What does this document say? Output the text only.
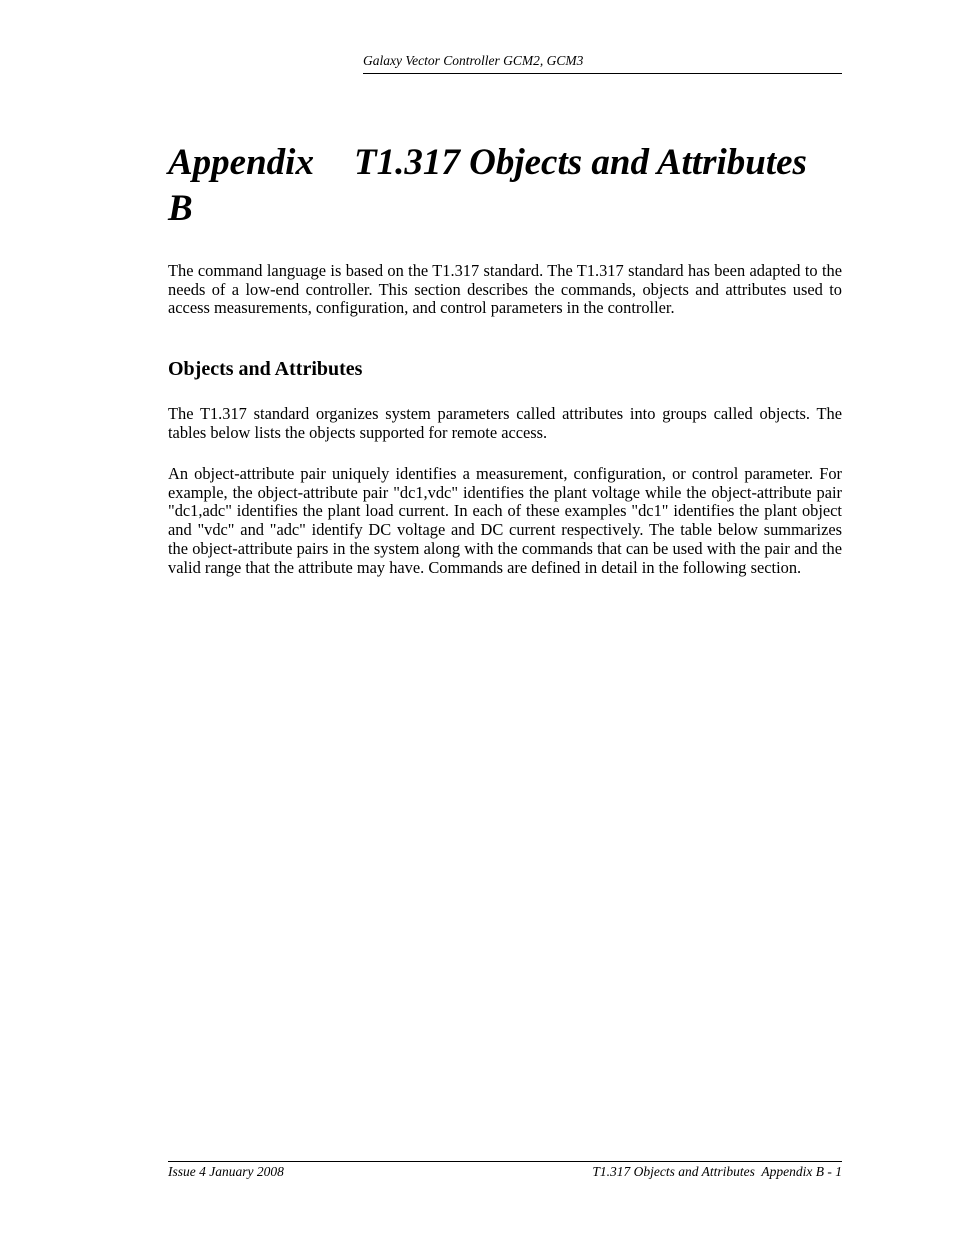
Galaxy Vector Controller GCM2, GCM3
Appendix B
T1.317 Objects and Attributes

The command language is based on the T1.317 standard. The T1.317 standard has been adapted to the needs of a low-end controller. This section describes the commands, objects and attributes used to access measurements, configuration, and control parameters in the controller.

Objects and Attributes

The T1.317 standard organizes system parameters called attributes into groups called objects. The tables below lists the objects supported for remote access.

An object-attribute pair uniquely identifies a measurement, configuration, or control parameter. For example, the object-attribute pair "dc1,vdc" identifies the plant voltage while the object-attribute pair "dc1,adc" identifies the plant load current. In each of these examples "dc1" identifies the plant object and "vdc" and "adc" identify DC voltage and DC current respectively. The table below summarizes the object-attribute pairs in the system along with the commands that can be used with the pair and the valid range that the attribute may have. Commands are defined in detail in the following section.

Issue 4 January 2008	T1.317 Objects and Attributes  Appendix B - 1
